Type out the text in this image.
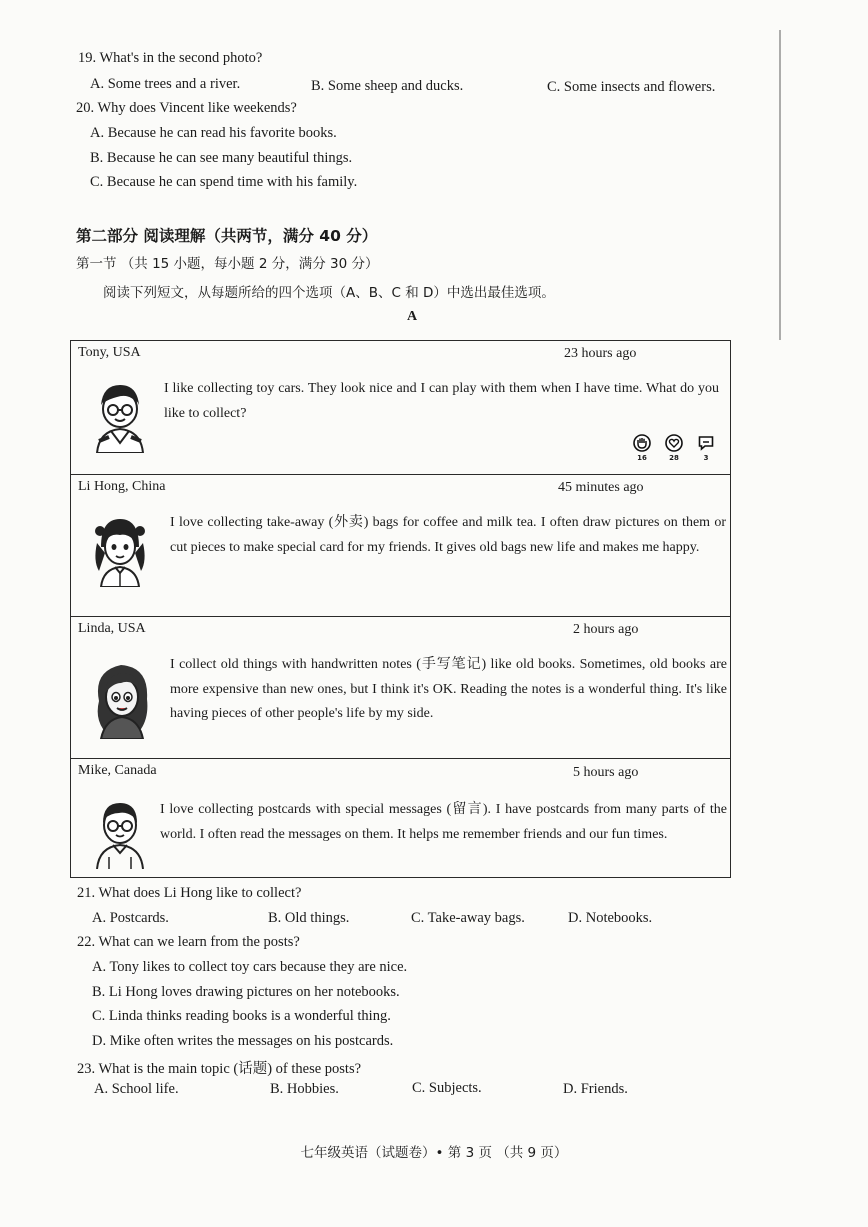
19. What's in the second photo?
A. Some trees and a river.	B. Some sheep and ducks.	C. Some insects and flowers.
20. Why does Vincent like weekends?
A. Because he can read his favorite books.
B. Because he can see many beautiful things.
C. Because he can spend time with his family.
第二部分 阅读理解（共两节，满分 40 分）
第一节 （共 15 小题，每小题 2 分，满分 30 分）
阅读下列短文，从每题所给的四个选项（A、B、C 和 D）中选出最佳选项。
A
Tony, USA	23 hours ago
I like collecting toy cars. They look nice and I can play with them when I have time. What do you like to collect?
16	28	3
Li Hong, China	45 minutes ago
I love collecting take-away (外卖) bags for coffee and milk tea. I often draw pictures on them or cut pieces to make special card for my friends. It gives old bags new life and makes me happy.
Linda, USA	2 hours ago
I collect old things with handwritten notes (手写笔记) like old books. Sometimes, old books are more expensive than new ones, but I think it's OK. Reading the notes is a wonderful thing. It's like having pieces of other people's life by my side.
Mike, Canada	5 hours ago
I love collecting postcards with special messages (留言). I have postcards from many parts of the world. I often read the messages on them. It helps me remember friends and our fun times.
21. What does Li Hong like to collect?
A. Postcards.	B. Old things.	C. Take-away bags.	D. Notebooks.
22. What can we learn from the posts?
A. Tony likes to collect toy cars because they are nice.
B. Li Hong loves drawing pictures on her notebooks.
C. Linda thinks reading books is a wonderful thing.
D. Mike often writes the messages on his postcards.
23. What is the main topic (话题) of these posts?
A. School life.	B. Hobbies.	C. Subjects.	D. Friends.
七年级英语（试题卷）• 第 3 页 （共 9 页）
